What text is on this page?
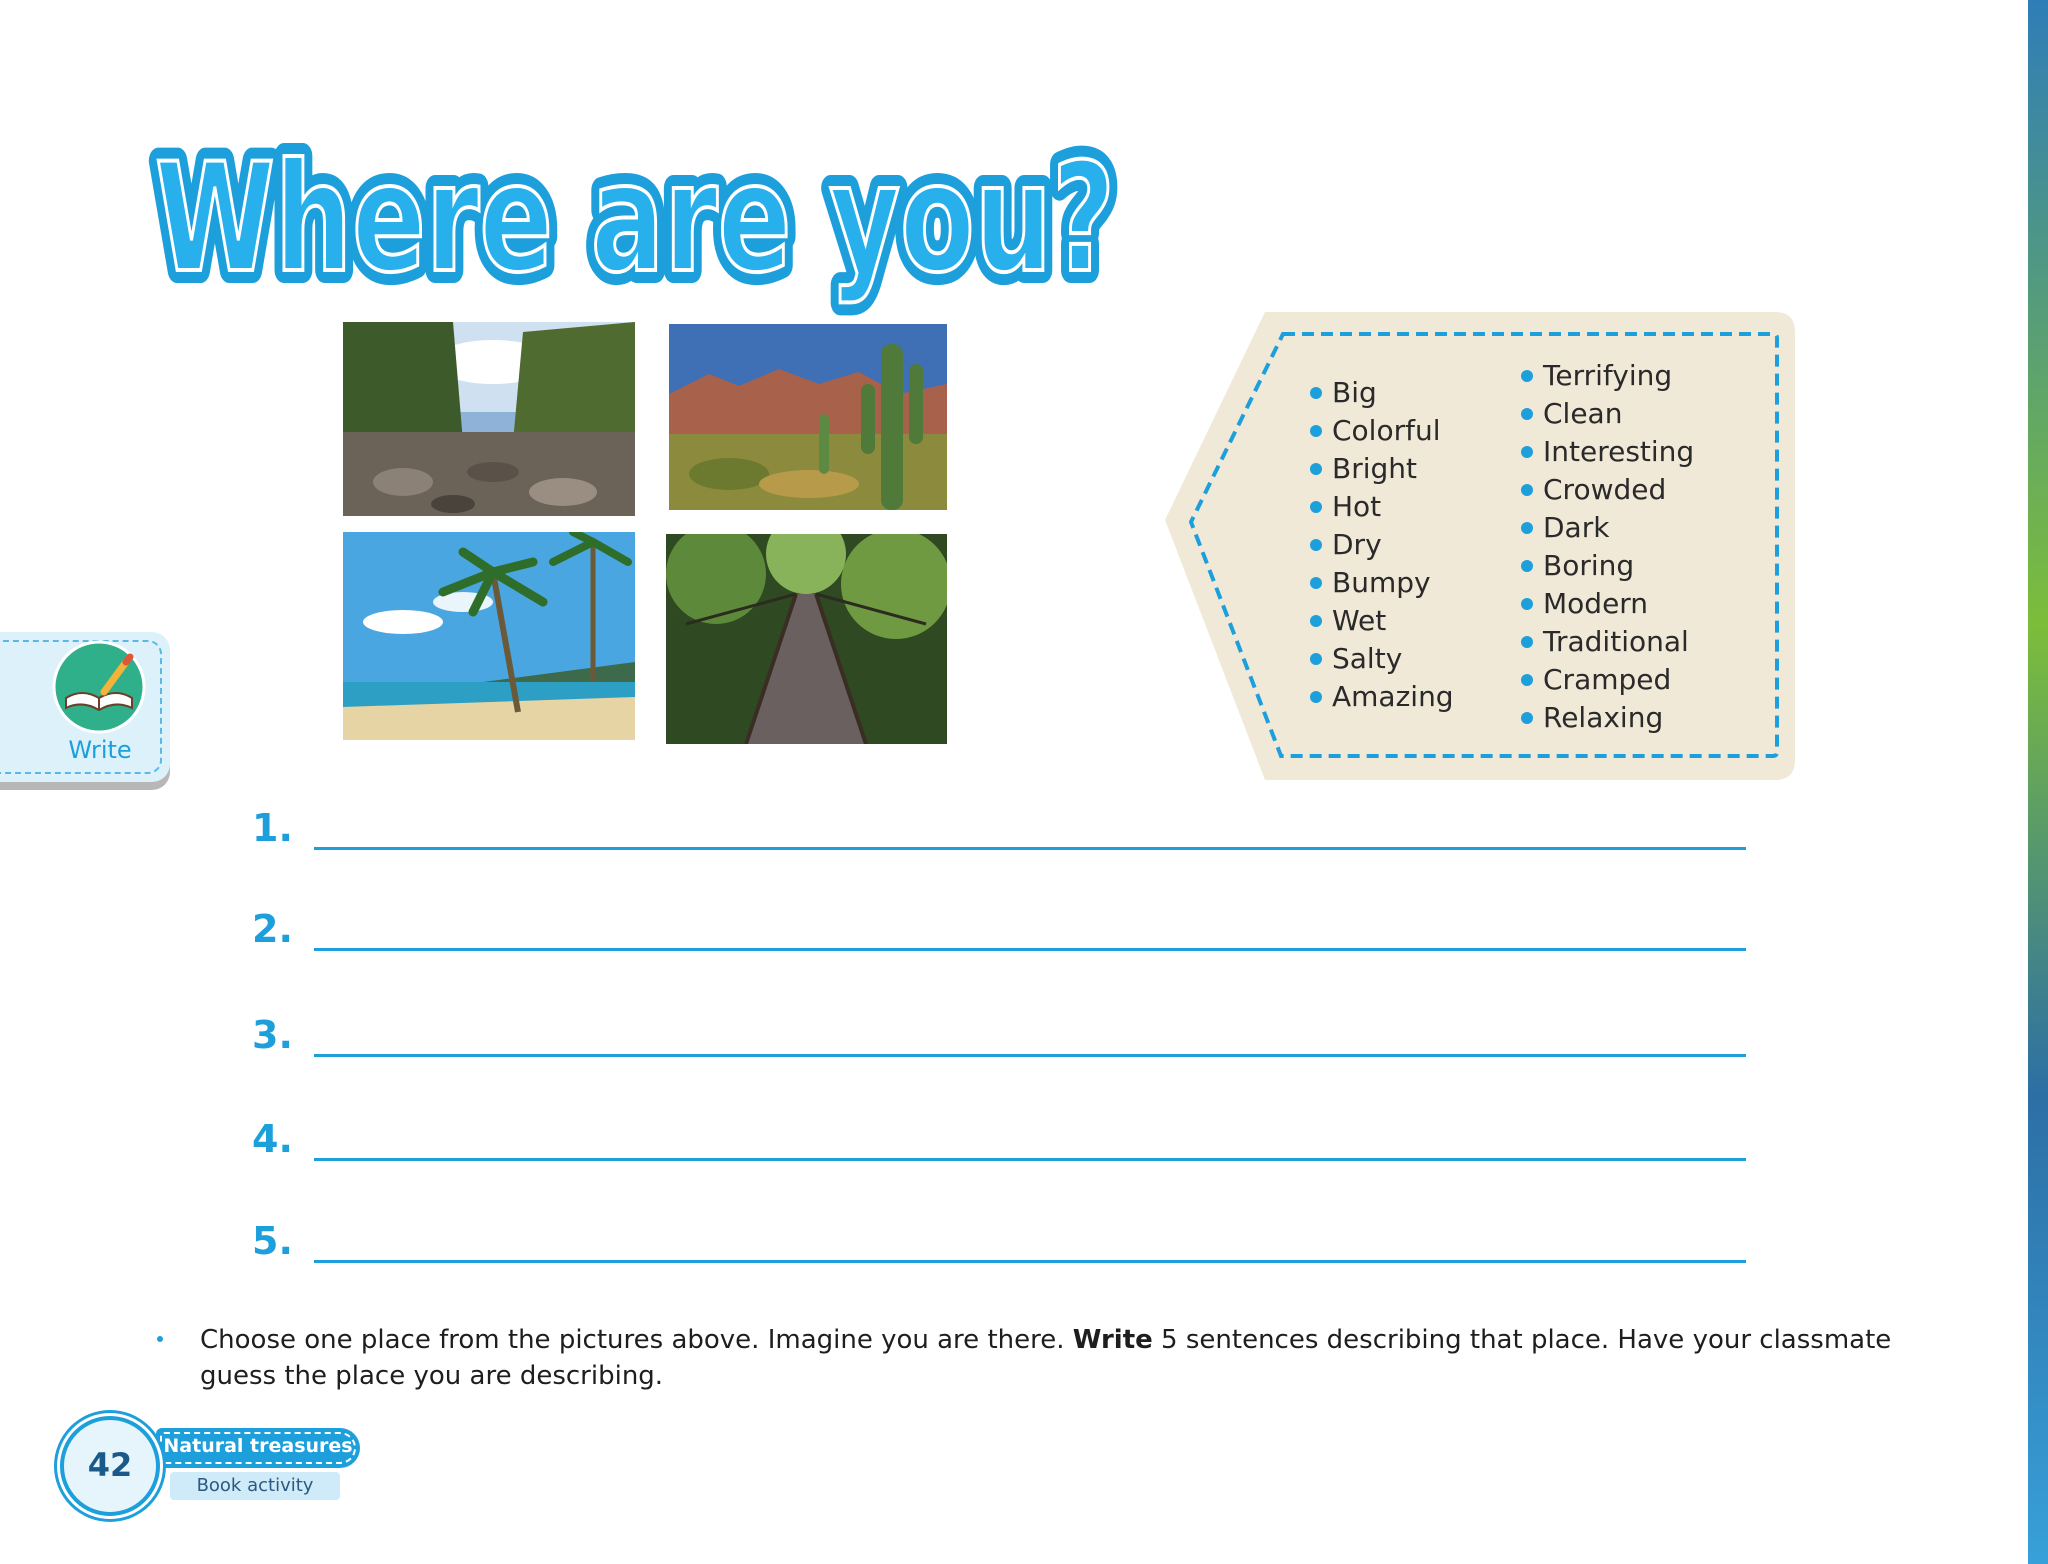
Where are you?
Where are you?
Big
Colorful
Bright
Hot
Dry
Bumpy
Wet
Salty
Amazing
Terrifying
Clean
Interesting
Crowded
Dark
Boring
Modern
Traditional
Cramped
Relaxing
Write
1.
2.
3.
4.
5.
Choose one place from the pictures above. Imagine you are there. Write 5 sentences describing that place. Have your classmate guess the place you are describing.
Natural treasures
Book activity
42
